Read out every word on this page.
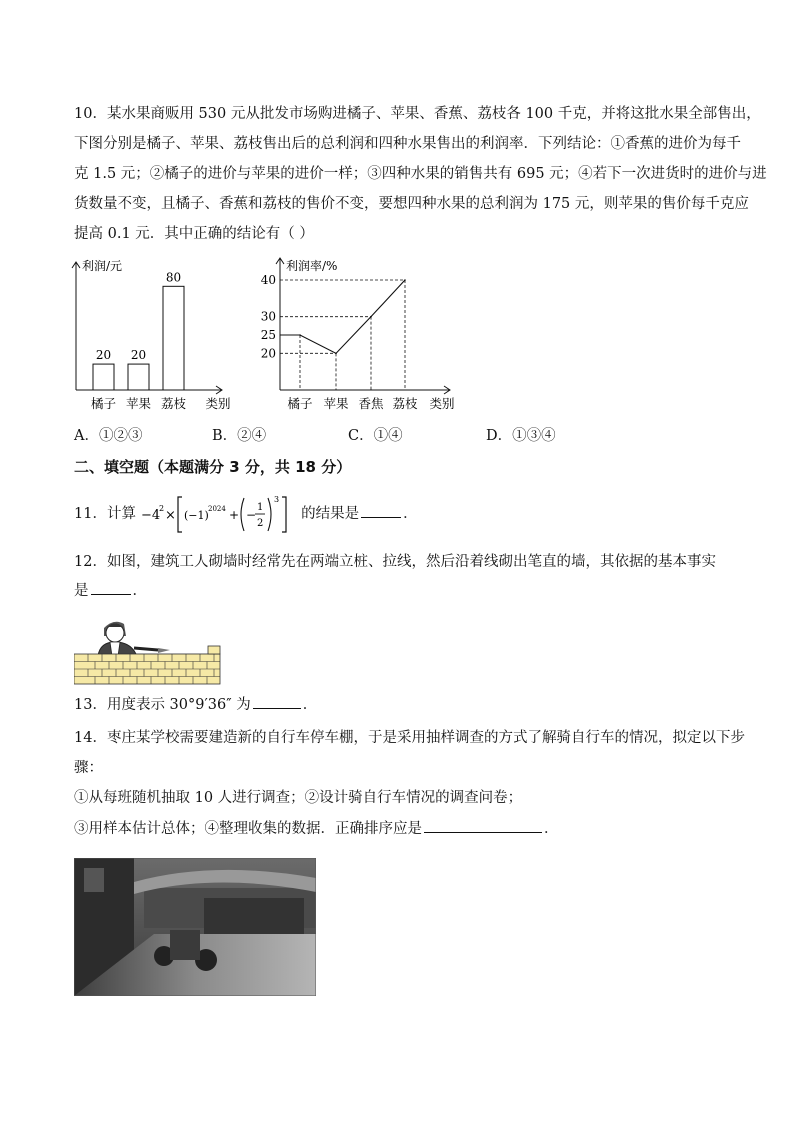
10．某水果商贩用 530 元从批发市场购进橘子、苹果、香蕉、荔枝各 100 千克，并将这批水果全部售出，
下图分别是橘子、苹果、荔枝售出后的总利润和四种水果售出的利润率．下列结论：①香蕉的进价为每千
克 1.5 元；②橘子的进价与苹果的进价一样；③四种水果的销售共有 695 元；④若下一次进货时的进价与进
货数量不变，且橘子、香蕉和荔枝的售价不变，要想四种水果的总利润为 175 元，则苹果的售价每千克应
提高 0.1 元．其中正确的结论有（ ）
利润/元
20
橘子
20
苹果
80
荔枝 类别
利润率/%
20
25
30
40
橘子 苹果 香焦 荔枝 类别
A．①②③	B．②④	C．①④	D．①③④
二、填空题（本题满分 3 分，共 18 分）
11．计算 −4
2 × (−1) 2024 + −
1
2
3
的结果是	．
12．如图，建筑工人砌墙时经常先在两端立桩、拉线，然后沿着线砌出笔直的墙，其依据的基本事实
是	．
13．用度表示 30°9′36″ 为	．
14．枣庄某学校需要建造新的自行车停车棚，于是采用抽样调查的方式了解骑自行车的情况，拟定以下步
骤：
①从每班随机抽取 10 人进行调查；②设计骑自行车情况的调查问卷；
③用样本估计总体；④整理收集的数据．正确排序应是	．
